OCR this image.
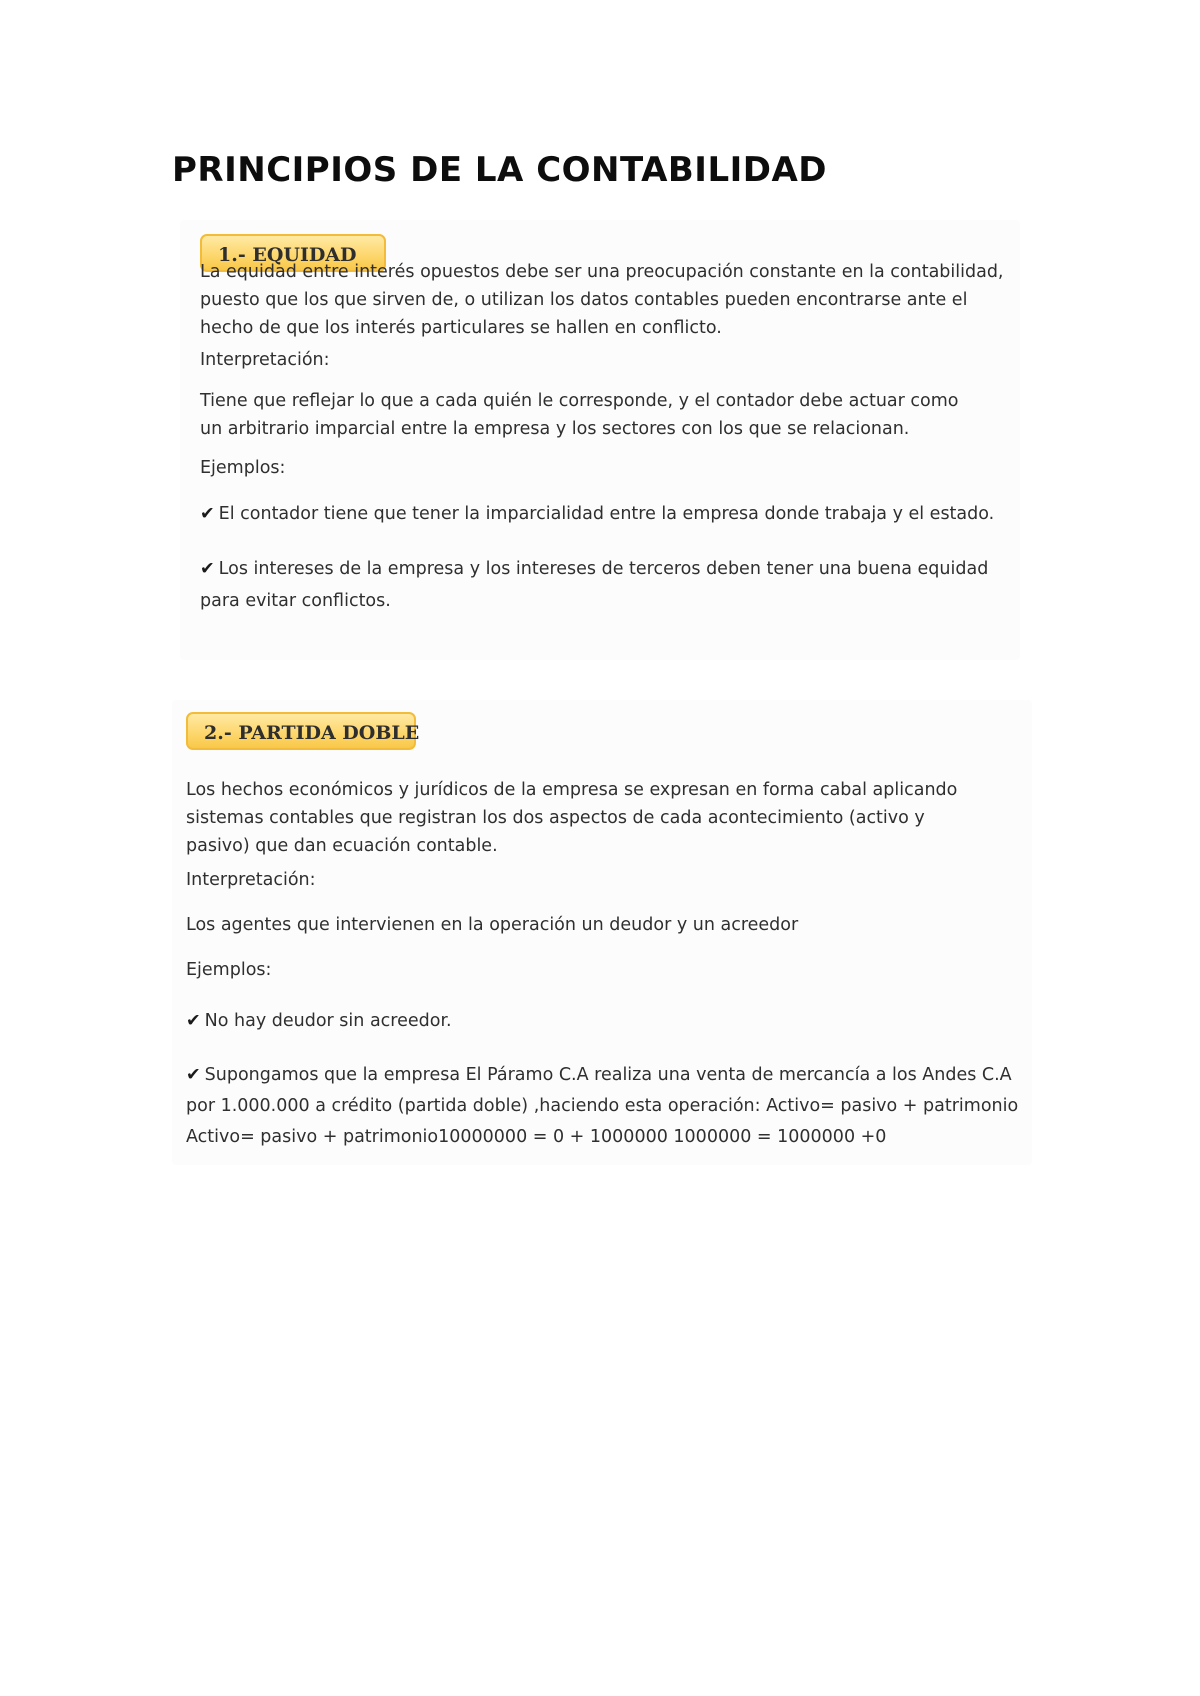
PRINCIPIOS DE LA CONTABILIDAD
1.- EQUIDAD

La equidad entre interés opuestos debe ser una preocupación constante en la contabilidad, puesto que los que sirven de, o utilizan los datos contables pueden encontrarse ante el hecho de que los interés particulares se hallen en conflicto.

Interpretación:

Tiene que reflejar lo que a cada quién le corresponde, y el contador debe actuar como un arbitrario imparcial entre la empresa y los sectores con los que se relacionan.

Ejemplos:

✔ El contador tiene que tener la imparcialidad entre la empresa donde trabaja y el estado.

✔ Los intereses de la empresa y los intereses de terceros deben tener una buena equidad para evitar conflictos.

2.- PARTIDA DOBLE

Los hechos económicos y jurídicos de la empresa se expresan en forma cabal aplicando sistemas contables que registran los dos aspectos de cada acontecimiento (activo y pasivo) que dan ecuación contable.

Interpretación:

Los agentes que intervienen en la operación un deudor y un acreedor

Ejemplos:

✔ No hay deudor sin acreedor.

✔ Supongamos que la empresa El Páramo C.A realiza una venta de mercancía a los Andes C.A por 1.000.000 a crédito (partida doble) ,haciendo esta operación: Activo= pasivo + patrimonio Activo= pasivo + patrimonio10000000 = 0 + 1000000 1000000 = 1000000 +0
